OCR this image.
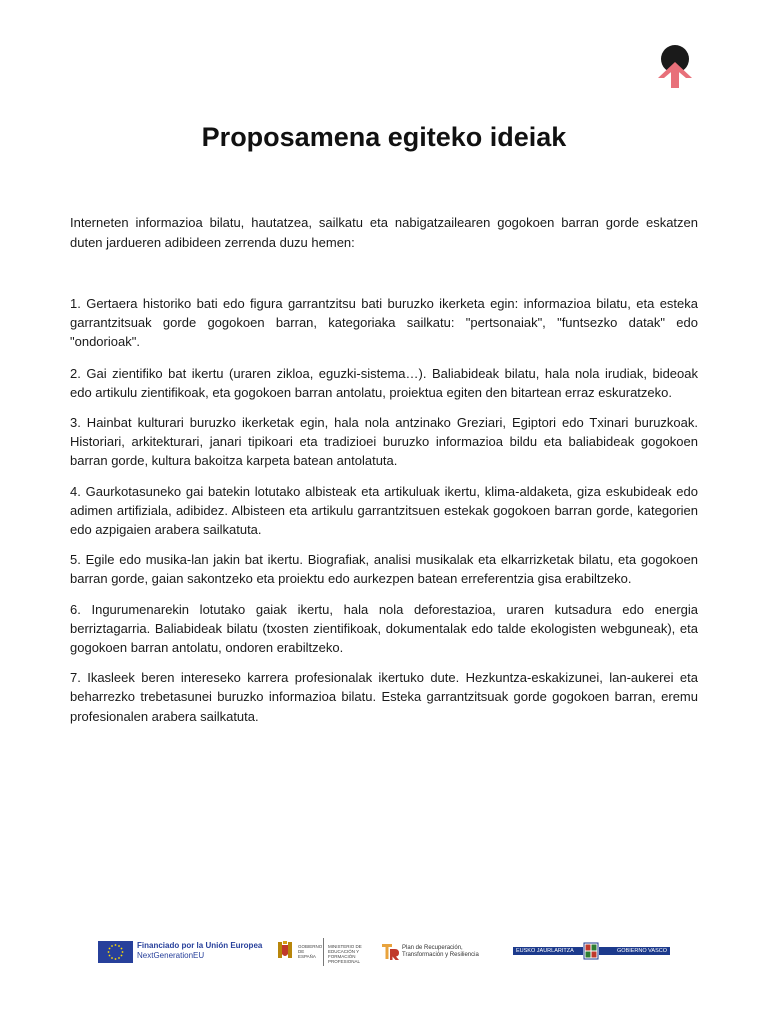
Proposamena egiteko ideiak

Interneten informazioa bilatu, hautatzea, sailkatu eta nabigatzailearen gogokoen barran gorde eskatzen duten jardueren adibideen zerrenda duzu hemen:

1. Gertaera historiko bati edo figura garrantzitsu bati buruzko ikerketa egin: informazioa bilatu, eta esteka garrantzitsuak gorde gogokoen barran, kategoriaka sailkatu: "pertsonaiak", "funtsezko datak" edo "ondorioak".
2. Gai zientifiko bat ikertu (uraren zikloa, eguzki-sistema…). Baliabideak bilatu, hala nola irudiak, bideoak edo artikulu zientifikoak, eta gogokoen barran antolatu, proiektua egiten den bitartean erraz eskuratzeko.
3. Hainbat kulturari buruzko ikerketak egin, hala nola antzinako Greziari, Egiptori edo Txinari buruzkoak. Historiari, arkitekturari, janari tipikoari eta tradizioei buruzko informazioa bildu eta baliabideak gogokoen barran gorde, kultura bakoitza karpeta batean antolatuta.
4. Gaurkotasuneko gai batekin lotutako albisteak eta artikuluak ikertu, klima-aldaketa, giza eskubideak edo adimen artifiziala, adibidez. Albisteen eta artikulu garrantzitsuen estekak gogokoen barran gorde, kategorien edo azpigaien arabera sailkatuta.
5. Egile edo musika-lan jakin bat ikertu. Biografiak, analisi musikalak eta elkarrizketak bilatu, eta gogokoen barran gorde, gaian sakontzeko eta proiektu edo aurkezpen batean erreferentzia gisa erabiltzeko.
6. Ingurumenarekin lotutako gaiak ikertu, hala nola deforestazioa, uraren kutsadura edo energia berriztagarria. Baliabideak bilatu (txosten zientifikoak, dokumentalak edo talde ekologisten webguneak), eta gogokoen barran antolatu, ondoren erabiltzeko.
7. Ikasleek beren intereseko karrera profesionalak ikertuko dute. Hezkuntza-eskakizunei, lan-aukerei eta beharrezko trebetasunei buruzko informazioa bilatu. Esteka garrantzitsuak gorde gogokoen barran, eremu profesionalen arabera sailkatuta.
Financiado por la Unión Europea
NextGenerationEU
GOBIERNO DE ESPAÑA
MINISTERIO DE EDUCACIÓN Y FORMACIÓN PROFESIONAL
Plan de Recuperación,
Transformación y Resiliencia
EUSKO JAURLARITZA	GOBIERNO VASCO
